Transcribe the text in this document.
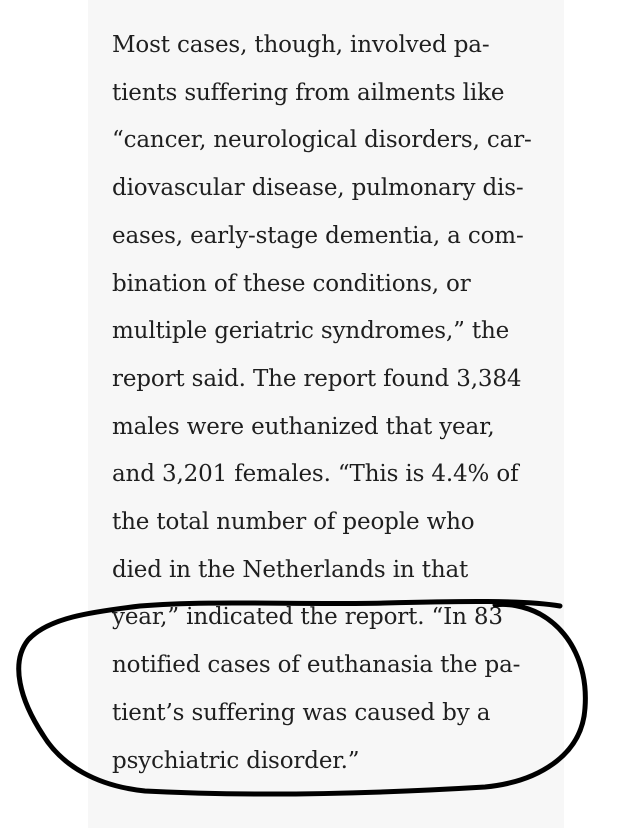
Most cases, though, involved pa-
tients suffering from ailments like
“cancer, neurological disorders, car-
diovascular disease, pulmonary dis-
eases, early-stage dementia, a com-
bination of these conditions, or
multiple geriatric syndromes,” the
report said. The report found 3,384
males were euthanized that year,
and 3,201 females. “This is 4.4% of
the total number of people who
died in the Netherlands in that
year,” indicated the report. “In 83
notified cases of euthanasia the pa-
tient’s suffering was caused by a
psychiatric disorder.”
